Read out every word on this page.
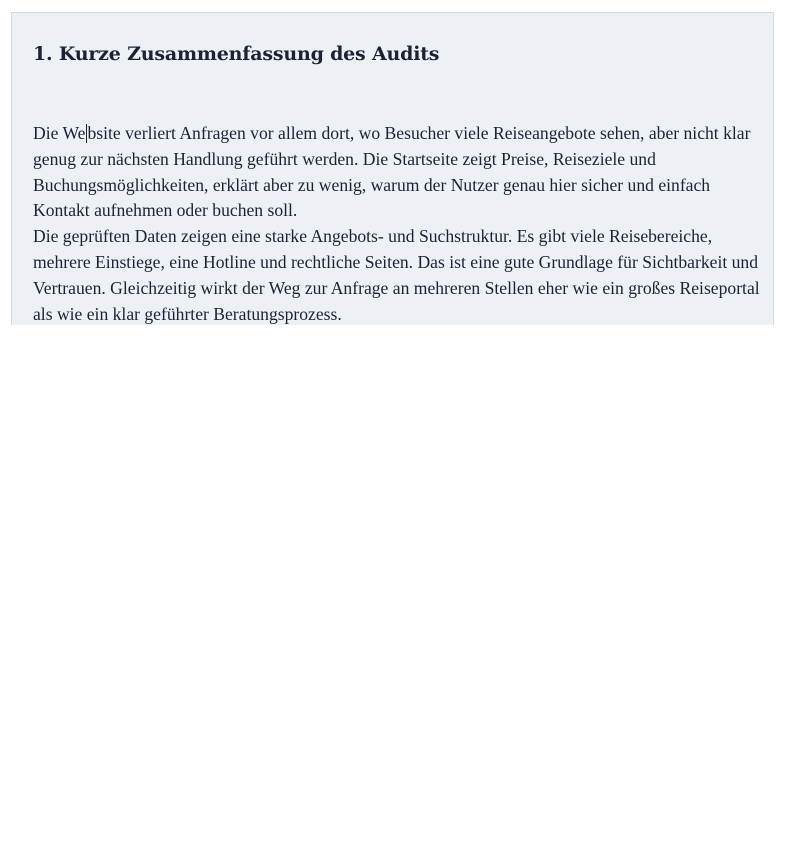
1. Kurze Zusammenfassung des Audits

Die We bsite verliert Anfragen vor allem dort, wo Besucher viele Reiseangebote sehen, aber nicht klar genug zur nächsten Handlung geführt werden. Die Startseite zeigt Preise, Reiseziele und Buchungsmöglichkeiten, erklärt aber zu wenig, warum der Nutzer genau hier sicher und einfach Kontakt aufnehmen oder buchen soll.

Die geprüften Daten zeigen eine starke Angebots- und Suchstruktur. Es gibt viele Reisebereiche, mehrere Einstiege, eine Hotline und rechtliche Seiten. Das ist eine gute Grundlage für Sichtbarkeit und Vertrauen. Gleichzeitig wirkt der Weg zur Anfrage an mehreren Stellen eher wie ein großes Reiseportal als wie ein klar geführter Beratungsprozess.
